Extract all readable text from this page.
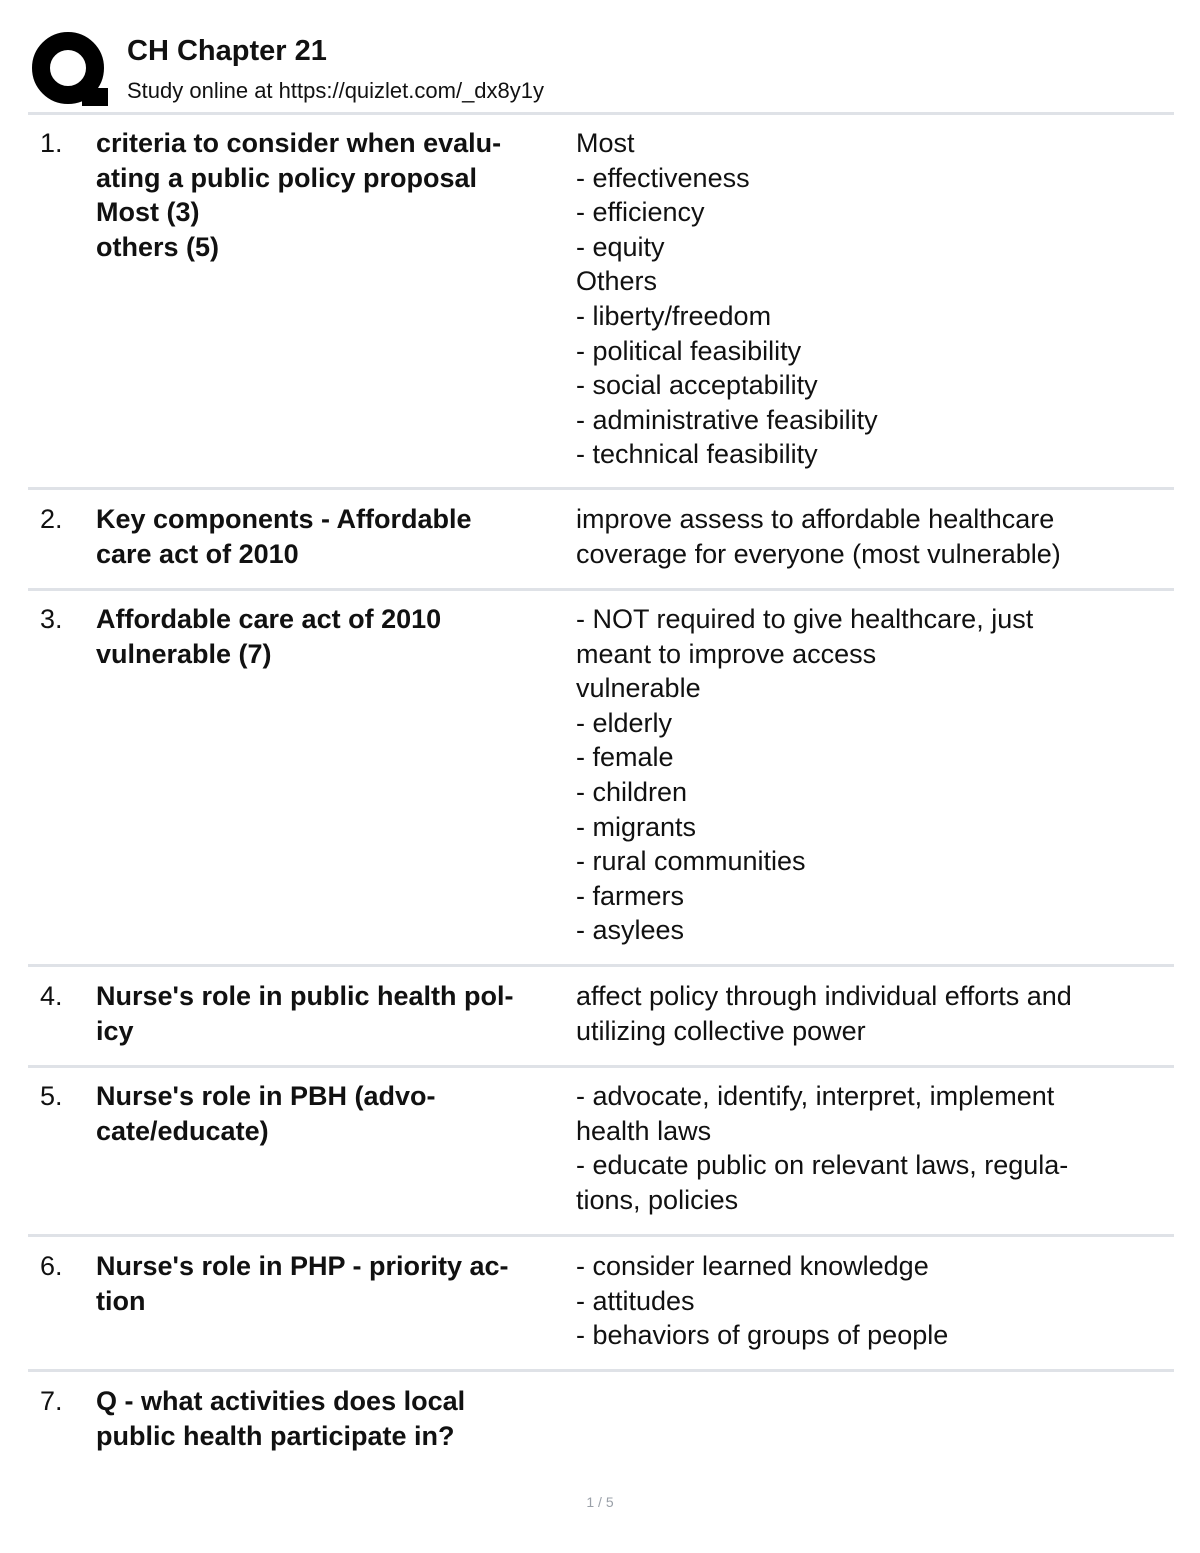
CH Chapter 21
Study online at https://quizlet.com/_dx8y1y
1. criteria to consider when evalu-
ating a public policy proposal
Most (3)
others (5)
Most
- effectiveness
- efficiency
- equity
Others
- liberty/freedom
- political feasibility
- social acceptability
- administrative feasibility
- technical feasibility
2. Key components - Affordable
care act of 2010
improve assess to affordable healthcare
coverage for everyone (most vulnerable)
3. Affordable care act of 2010
vulnerable (7)
- NOT required to give healthcare, just
meant to improve access
vulnerable
- elderly
- female
- children
- migrants
- rural communities
- farmers
- asylees
4. Nurse's role in public health pol-
icy
affect policy through individual efforts and
utilizing collective power
5. Nurse's role in PBH (advo-
cate/educate)
- advocate, identify, interpret, implement
health laws
- educate public on relevant laws, regula-
tions, policies
6. Nurse's role in PHP - priority ac-
tion
- consider learned knowledge
- attitudes
- behaviors of groups of people
7. Q - what activities does local
public health participate in?
1 / 5
